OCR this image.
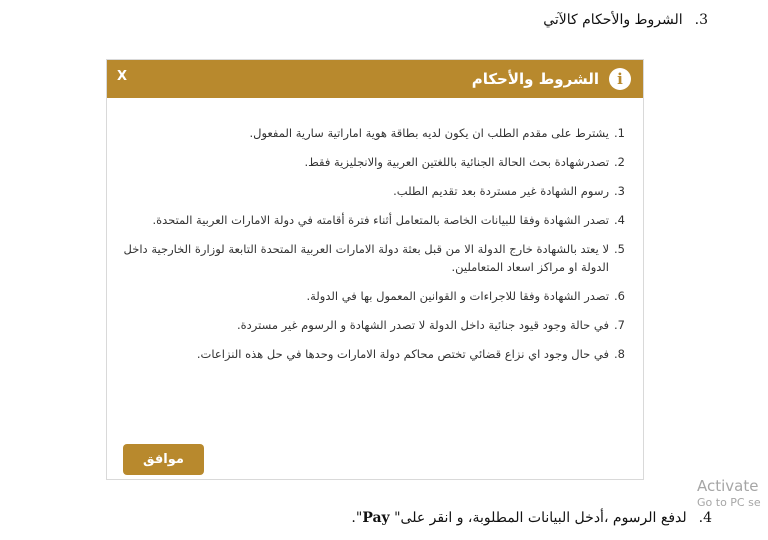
3.الشروط والأحكام كالآتي
i
الشروط والأحكام
X
1.
يشترط على مقدم الطلب ان يكون لديه بطاقة هوية اماراتية سارية المفعول.
2.
تصدرشهادة بحث الحالة الجنائية باللغتين العربية والانجليزية فقط.
3.
رسوم الشهادة غير مستردة بعد تقديم الطلب.
4.
تصدر الشهادة وفقا للبيانات الخاصة بالمتعامل أثناء فترة أقامته في دولة الامارات العربية المتحدة.
5.
لا يعتد بالشهادة خارج الدولة الا من قبل بعثة دولة الامارات العربية المتحدة التابعة لوزارة الخارجية داخل الدولة او مراكز اسعاد المتعاملين.
6.
تصدر الشهادة وفقا للاجراءات و القوانين المعمول بها في الدولة.
7.
في حالة وجود قيود جنائية داخل الدولة لا تصدر الشهادة و الرسوم غير مستردة.
8.
في حال وجود اي نزاع قضائي تختص محاكم دولة الامارات وحدها في حل هذه النزاعات.
موافق
4.لدفع الرسوم ،أدخل البيانات المطلوبة، و انقر على" Pay".
Activate
Go to PC se
